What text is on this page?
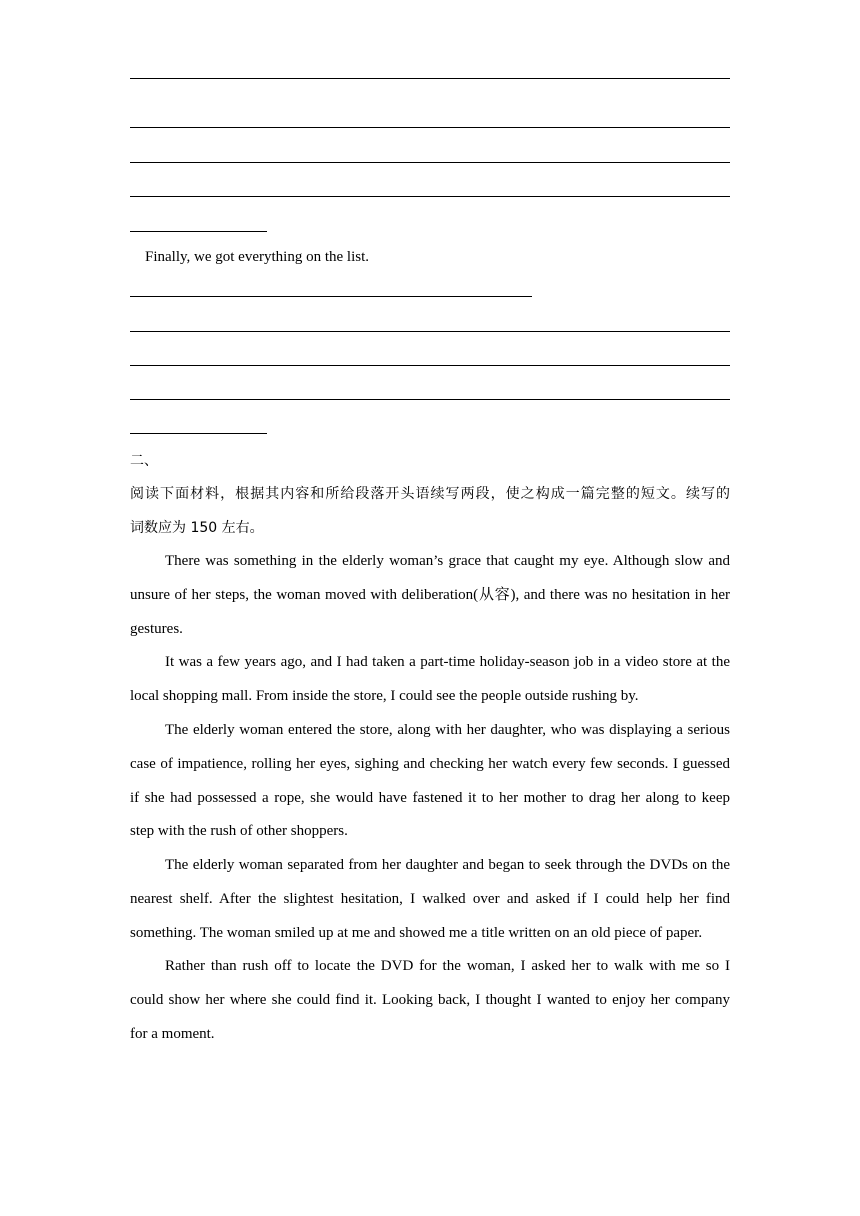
Finally, we got everything on the list.
二、
阅读下面材料，根据其内容和所给段落开头语续写两段，使之构成一篇完整的短文。续写的
词数应为 150 左右。
There was something in the elderly woman’s grace that caught my eye. Although slow and
unsure of her steps, the woman moved with deliberation(从容), and there was no hesitation in her
gestures.
It was a few years ago, and I had taken a part-time holiday-season job in a video store at the
local shopping mall. From inside the store, I could see the people outside rushing by.
The elderly woman entered the store, along with her daughter, who was displaying a serious
case of impatience, rolling her eyes, sighing and checking her watch every few seconds. I guessed
if she had possessed a rope, she would have fastened it to her mother to drag her along to keep
step with the rush of other shoppers.
The elderly woman separated from her daughter and began to seek through the DVDs on the
nearest shelf. After the slightest hesitation, I walked over and asked if I could help her find
something. The woman smiled up at me and showed me a title written on an old piece of paper.
Rather than rush off to locate the DVD for the woman, I asked her to walk with me so I
could show her where she could find it. Looking back, I thought I wanted to enjoy her company
for a moment.
